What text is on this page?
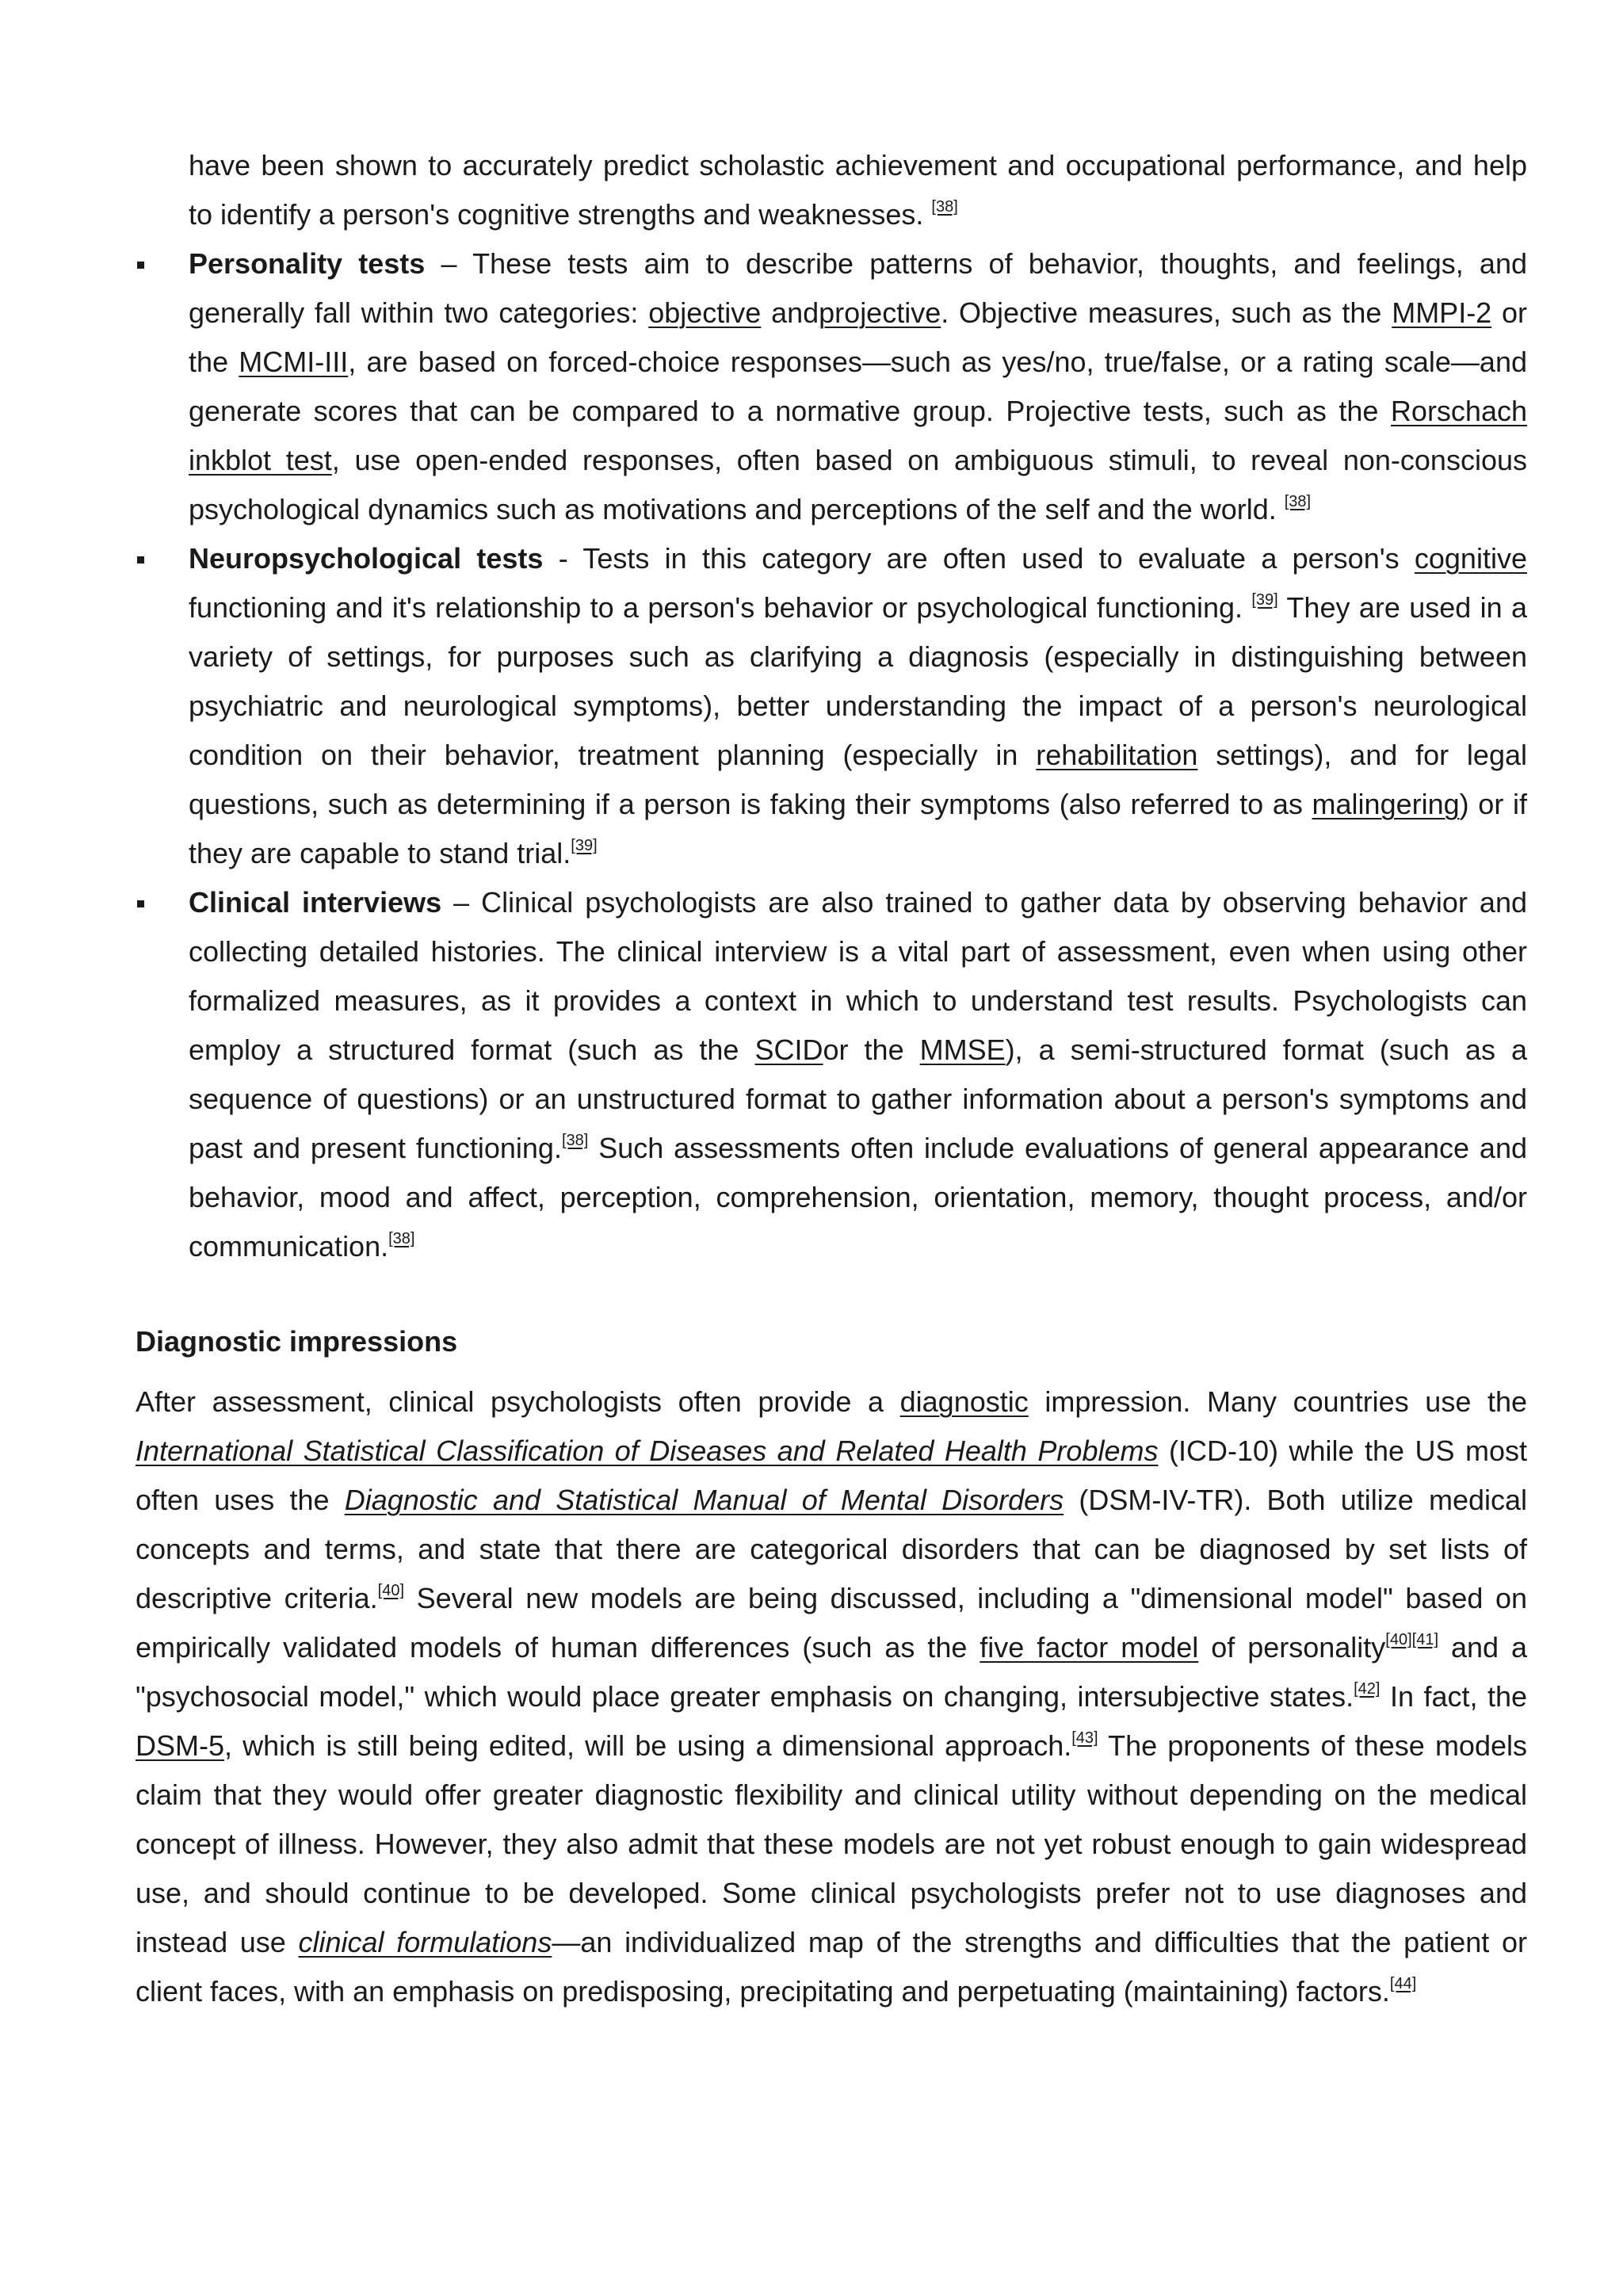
have been shown to accurately predict scholastic achievement and occupational performance, and help to identify a person's cognitive strengths and weaknesses. [38]
Personality tests – These tests aim to describe patterns of behavior, thoughts, and feelings, and generally fall within two categories: objective andprojective. Objective measures, such as the MMPI-2 or the MCMI-III, are based on forced-choice responses—such as yes/no, true/false, or a rating scale—and generate scores that can be compared to a normative group. Projective tests, such as the Rorschach inkblot test, use open-ended responses, often based on ambiguous stimuli, to reveal non-conscious psychological dynamics such as motivations and perceptions of the self and the world. [38]
Neuropsychological tests - Tests in this category are often used to evaluate a person's cognitive functioning and it's relationship to a person's behavior or psychological functioning. [39] They are used in a variety of settings, for purposes such as clarifying a diagnosis (especially in distinguishing between psychiatric and neurological symptoms), better understanding the impact of a person's neurological condition on their behavior, treatment planning (especially in rehabilitation settings), and for legal questions, such as determining if a person is faking their symptoms (also referred to as malingering) or if they are capable to stand trial.[39]
Clinical interviews – Clinical psychologists are also trained to gather data by observing behavior and collecting detailed histories. The clinical interview is a vital part of assessment, even when using other formalized measures, as it provides a context in which to understand test results. Psychologists can employ a structured format (such as the SCIDor the MMSE), a semi-structured format (such as a sequence of questions) or an unstructured format to gather information about a person's symptoms and past and present functioning.[38] Such assessments often include evaluations of general appearance and behavior, mood and affect, perception, comprehension, orientation, memory, thought process, and/or communication.[38]
Diagnostic impressions

After assessment, clinical psychologists often provide a diagnostic impression. Many countries use the International Statistical Classification of Diseases and Related Health Problems (ICD-10) while the US most often uses the Diagnostic and Statistical Manual of Mental Disorders (DSM-IV-TR). Both utilize medical concepts and terms, and state that there are categorical disorders that can be diagnosed by set lists of descriptive criteria.[40] Several new models are being discussed, including a "dimensional model" based on empirically validated models of human differences (such as the five factor model of personality[40][41] and a "psychosocial model," which would place greater emphasis on changing, intersubjective states.[42] In fact, the DSM-5, which is still being edited, will be using a dimensional approach.[43] The proponents of these models claim that they would offer greater diagnostic flexibility and clinical utility without depending on the medical concept of illness. However, they also admit that these models are not yet robust enough to gain widespread use, and should continue to be developed. Some clinical psychologists prefer not to use diagnoses and instead use clinical formulations—an individualized map of the strengths and difficulties that the patient or client faces, with an emphasis on predisposing, precipitating and perpetuating (maintaining) factors.[44]
